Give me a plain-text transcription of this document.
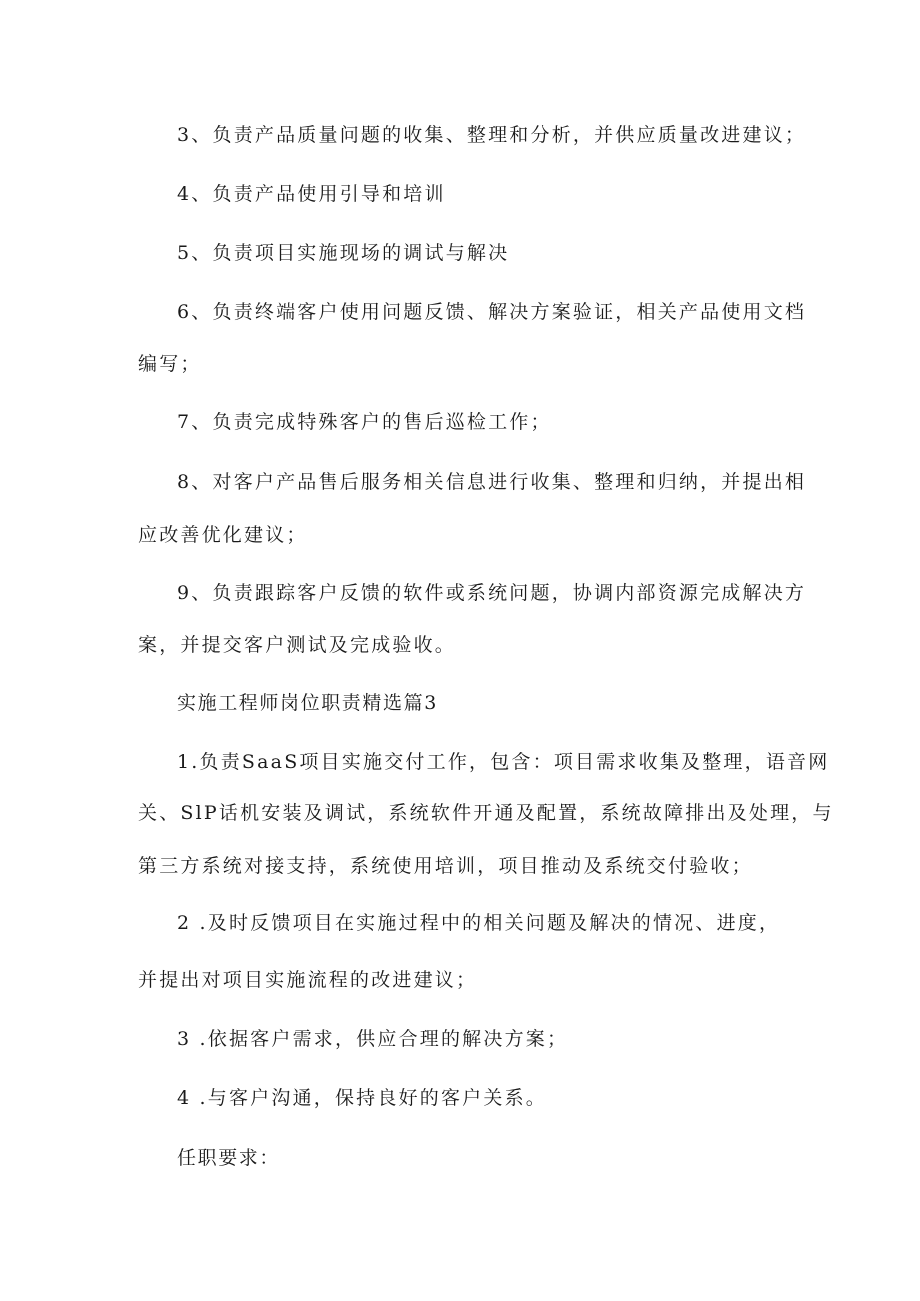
3、负责产品质量问题的收集、整理和分析，并供应质量改进建议；
4、负责产品使用引导和培训
5、负责项目实施现场的调试与解决
6、负责终端客户使用问题反馈、解决方案验证，相关产品使用文档
编写；
7、负责完成特殊客户的售后巡检工作；
8、对客户产品售后服务相关信息进行收集、整理和归纳，并提出相
应改善优化建议；
9、负责跟踪客户反馈的软件或系统问题，协调内部资源完成解决方
案，并提交客户测试及完成验收。
实施工程师岗位职责精选篇3
1.负责SaaS项目实施交付工作，包含：项目需求收集及整理，语音网
关、SlP话机安装及调试，系统软件开通及配置，系统故障排出及处理，与
第三方系统对接支持，系统使用培训，项目推动及系统交付验收；
2 .及时反馈项目在实施过程中的相关问题及解决的情况、进度，
并提出对项目实施流程的改进建议；
3 .依据客户需求，供应合理的解决方案；
4 .与客户沟通，保持良好的客户关系。
任职要求：
